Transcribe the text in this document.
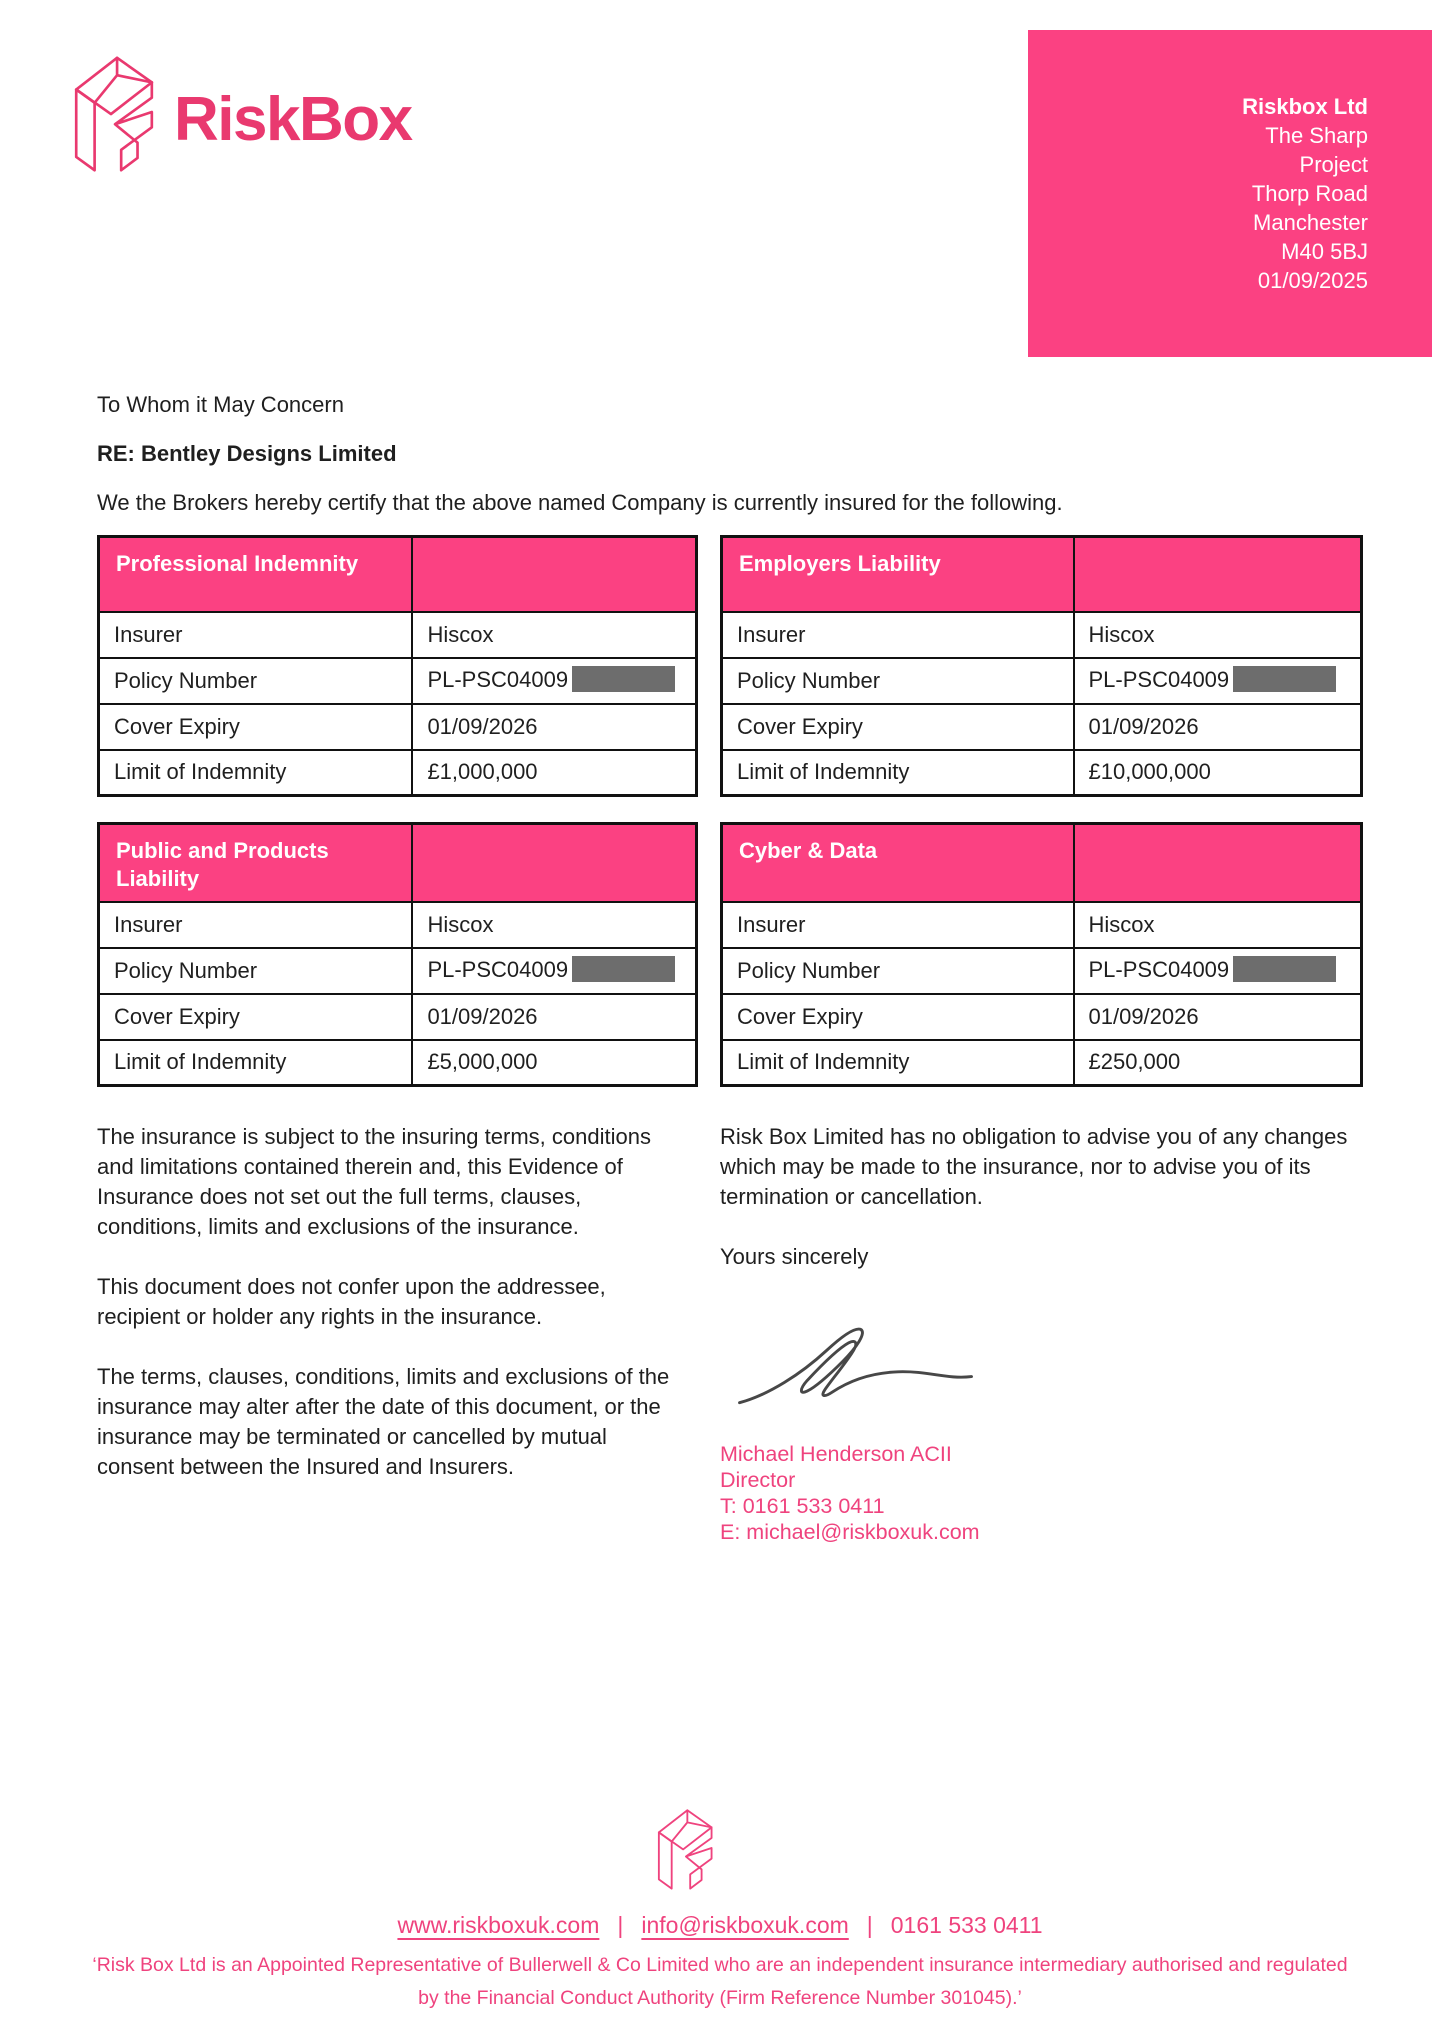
RiskBox	Riskbox Ltd
The Sharp
Project
Thorp Road
Manchester
M40 5BJ
01/09/2025
To Whom it May Concern
RE: Bentley Designs Limited
We the Brokers hereby certify that the above named Company is currently insured for the following.
Professional Indemnity	
Insurer	Hiscox
Policy Number	PL-PSC04009
Cover Expiry	01/09/2026
Limit of Indemnity	£1,000,000
Employers Liability	
Insurer	Hiscox
Policy Number	PL-PSC04009
Cover Expiry	01/09/2026
Limit of Indemnity	£10,000,000
Public and Products Liability	
Insurer	Hiscox
Policy Number	PL-PSC04009
Cover Expiry	01/09/2026
Limit of Indemnity	£5,000,000
Cyber & Data	
Insurer	Hiscox
Policy Number	PL-PSC04009
Cover Expiry	01/09/2026
Limit of Indemnity	£250,000

The insurance is subject to the insuring terms, conditions and limitations contained therein and, this Evidence of Insurance does not set out the full terms, clauses, conditions, limits and exclusions of the insurance.

This document does not confer upon the addressee, recipient or holder any rights in the insurance.

The terms, clauses, conditions, limits and exclusions of the insurance may alter after the date of this document, or the insurance may be terminated or cancelled by mutual consent between the Insured and Insurers.

Risk Box Limited has no obligation to advise you of any changes which may be made to the insurance, nor to advise you of its termination or cancellation.

Yours sincerely

Michael Henderson ACII
Director
T: 0161 533 0411
E: michael@riskboxuk.com
www.riskboxuk.com | info@riskboxuk.com | 0161 533 0411
‘Risk Box Ltd is an Appointed Representative of Bullerwell & Co Limited who are an independent insurance intermediary authorised and regulated by the Financial Conduct Authority (Firm Reference Number 301045).’
